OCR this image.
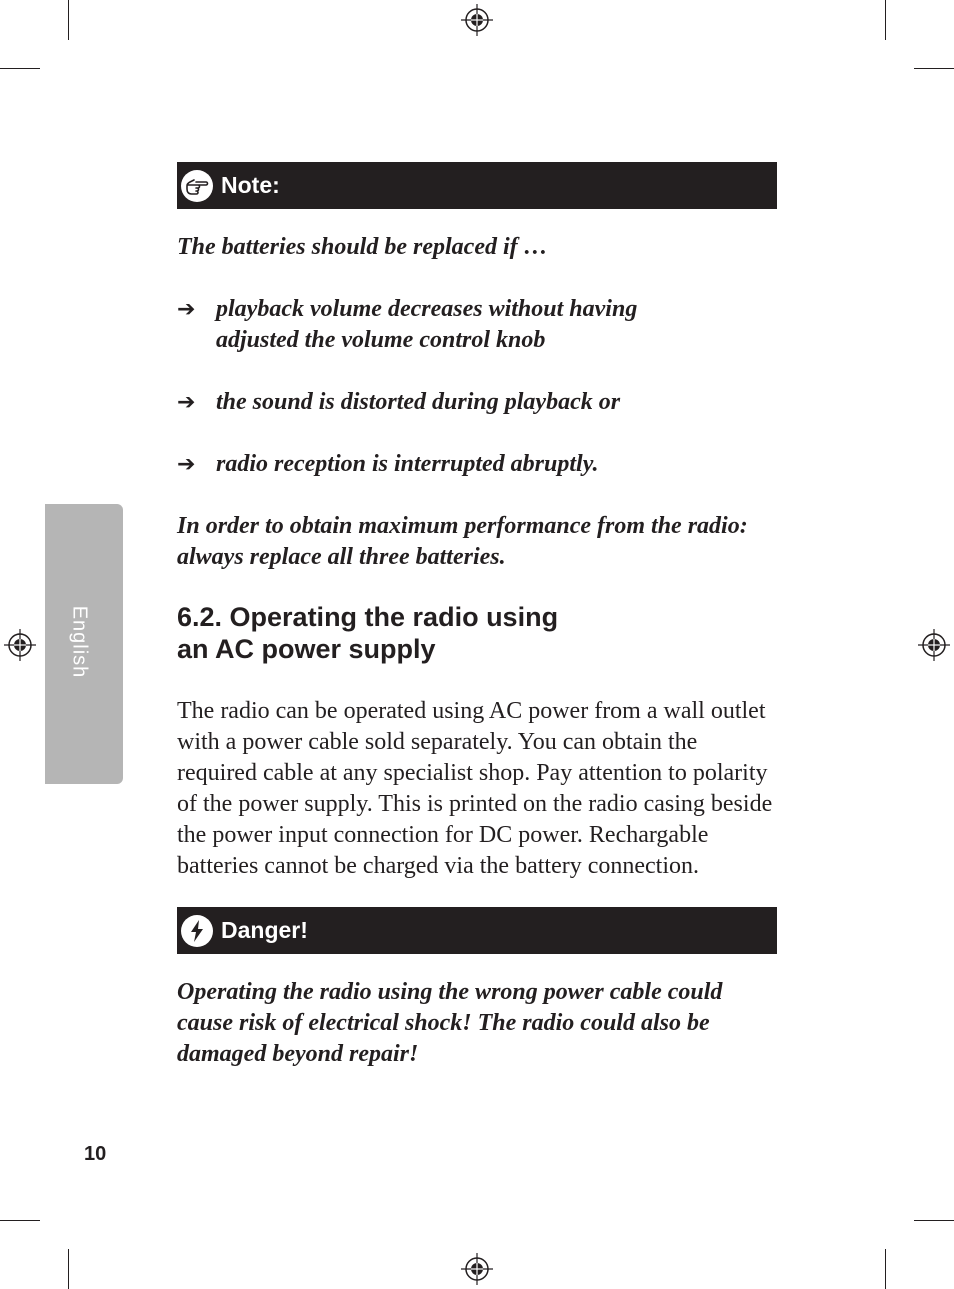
English
Note:

The batteries should be replaced if …

➔ playback volume decreases without having adjusted the volume control knob
➔ the sound is distorted during playback or
➔ radio reception is interrupted abruptly.

In order to obtain maximum performance from the radio: always replace all three batteries.

6.2. Operating the radio using an AC power supply

The radio can be operated using AC power from a wall outlet with a power cable sold separately. You can obtain the required cable at any specialist shop. Pay attention to polarity of the power supply. This is printed on the radio casing beside the power input connection for DC power. Rechargable batteries cannot be charged via the battery connection.

Danger!

Operating the radio using the wrong power cable could cause risk of electrical shock! The radio could also be damaged beyond repair!

10
